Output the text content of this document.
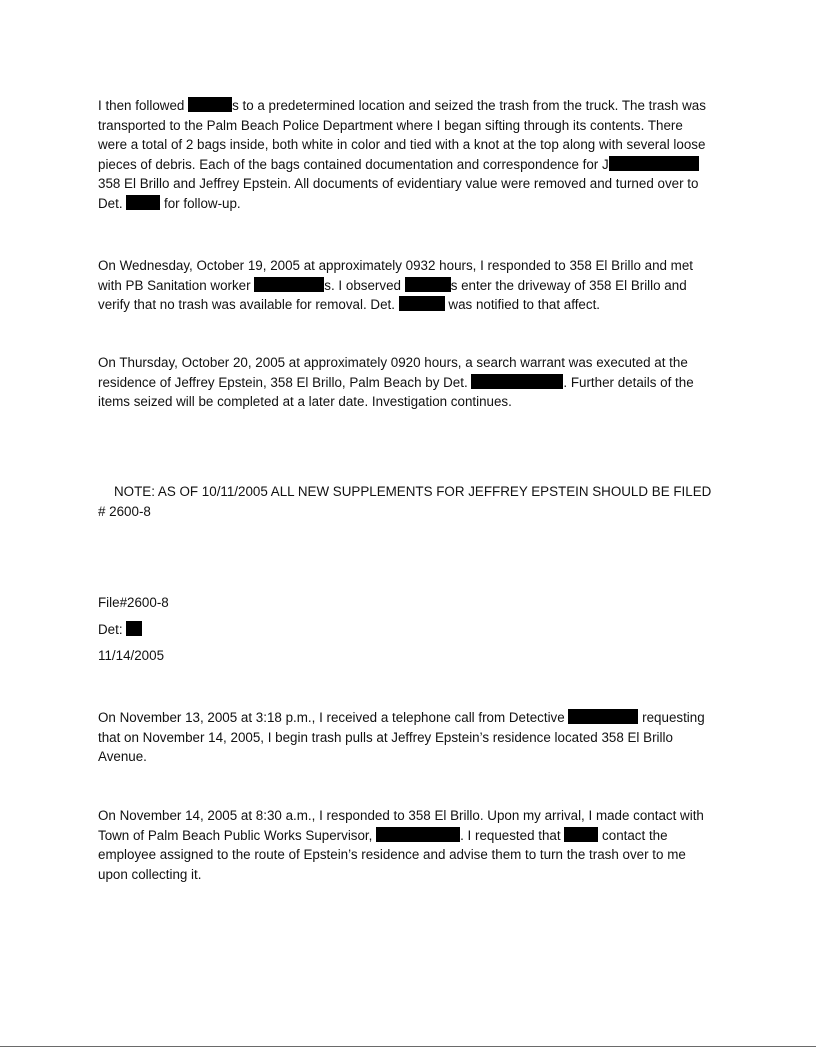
I then followed	s to a predetermined location and seized the trash from the truck. The trash was
transported to the Palm Beach Police Department where I began sifting through its contents. There
were a total of 2 bags inside, both white in color and tied with a knot at the top along with several loose
pieces of debris. Each of the bags contained documentation and correspondence for J
358 El Brillo and Jeffrey Epstein. All documents of evidentiary value were removed and turned over to
Det.	for follow-up.
On Wednesday, October 19, 2005 at approximately 0932 hours, I responded to 358 El Brillo and met
with PB Sanitation worker	s. I observed	s enter the driveway of 358 El Brillo and
verify that no trash was available for removal. Det.	was notified to that affect.
On Thursday, October 20, 2005 at approximately 0920 hours, a search warrant was executed at the
residence of Jeffrey Epstein, 358 El Brillo, Palm Beach by Det.	. Further details of the
items seized will be completed at a later date. Investigation continues.
NOTE: AS OF 10/11/2005 ALL NEW SUPPLEMENTS FOR JEFFREY EPSTEIN SHOULD BE FILED
# 2600-8
File#2600-8
Det:
11/14/2005
On November 13, 2005 at 3:18 p.m., I received a telephone call from Detective	requesting
that on November 14, 2005, I begin trash pulls at Jeffrey Epstein’s residence located 358 El Brillo
Avenue.
On November 14, 2005 at 8:30 a.m., I responded to 358 El Brillo. Upon my arrival, I made contact with
Town of Palm Beach Public Works Supervisor,	. I requested that	contact the
employee assigned to the route of Epstein’s residence and advise them to turn the trash over to me
upon collecting it.
